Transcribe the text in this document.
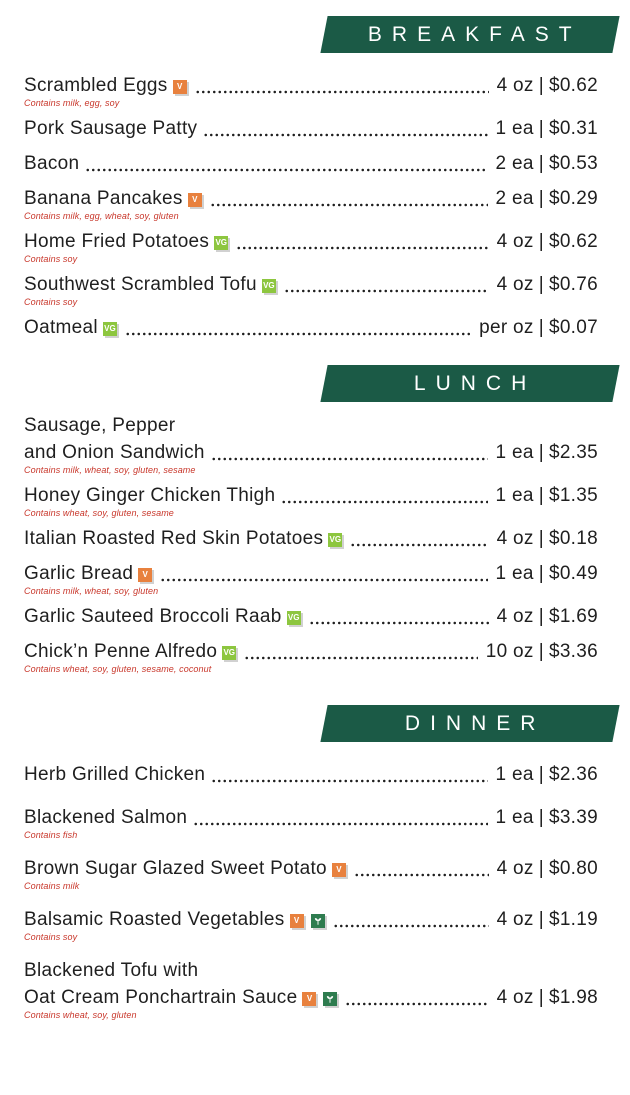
BREAKFAST
Scrambled Eggs	V	4 oz | $0.62
Contains milk, egg, soy
Pork Sausage Patty	1 ea | $0.31
Bacon	2 ea | $0.53
Banana Pancakes	V	2 ea | $0.29
Contains milk, egg, wheat, soy, gluten
Home Fried Potatoes VG	4 oz | $0.62
Contains soy
Southwest Scrambled Tofu VG	4 oz | $0.76
Contains soy
Oatmeal VG	per oz | $0.07
LUNCH
Sausage, Pepper
and Onion Sandwich	1 ea | $2.35
Contains milk, wheat, soy, gluten, sesame
Honey Ginger Chicken Thigh	1 ea | $1.35
Contains wheat, soy, gluten, sesame
Italian Roasted Red Skin Potatoes VG	4 oz | $0.18
Garlic Bread	V	1 ea | $0.49
Contains milk, wheat, soy, gluten
Garlic Sauteed Broccoli Raab VG	4 oz | $1.69
Chick’n Penne Alfredo VG	10 oz | $3.36
Contains wheat, soy, gluten, sesame, coconut
DINNER
Herb Grilled Chicken	1 ea | $2.36
Blackened Salmon	1 ea | $3.39
Contains fish
Brown Sugar Glazed Sweet Potato	V	4 oz | $0.80
Contains milk
Balsamic Roasted Vegetables	V	4 oz | $1.19
Contains soy
Blackened Tofu with
Oat Cream Ponchartrain Sauce	V	4 oz | $1.98
Contains wheat, soy, gluten
